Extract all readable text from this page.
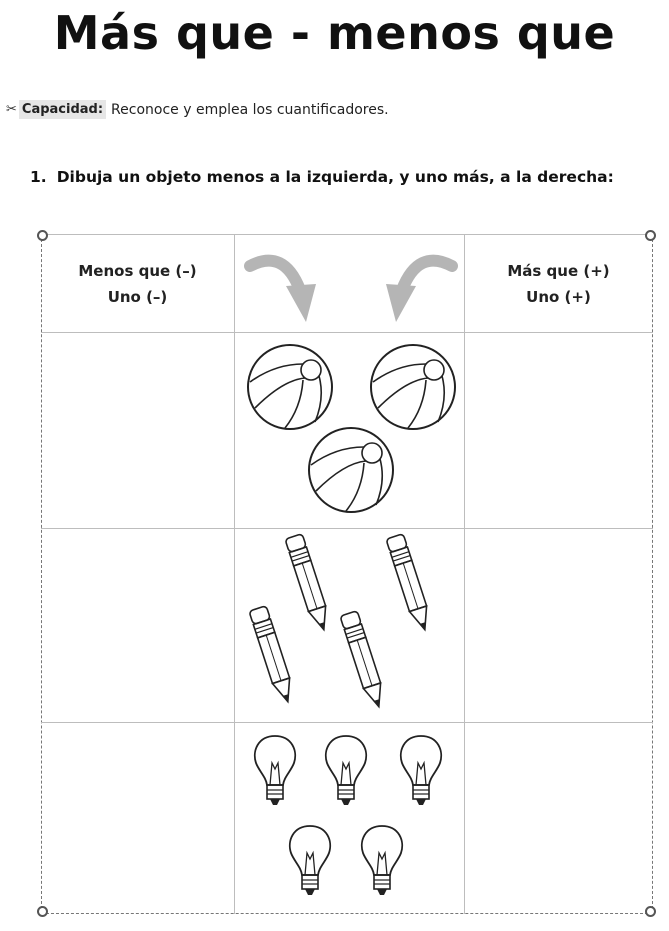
Más que - menos que
✂ Capacidad: Reconoce y emplea los cuantificadores.
1. Dibuja un objeto menos a la izquierda, y uno más, a la derecha:
Menos que (–)
Uno (–)
Más que (+)
Uno (+)
